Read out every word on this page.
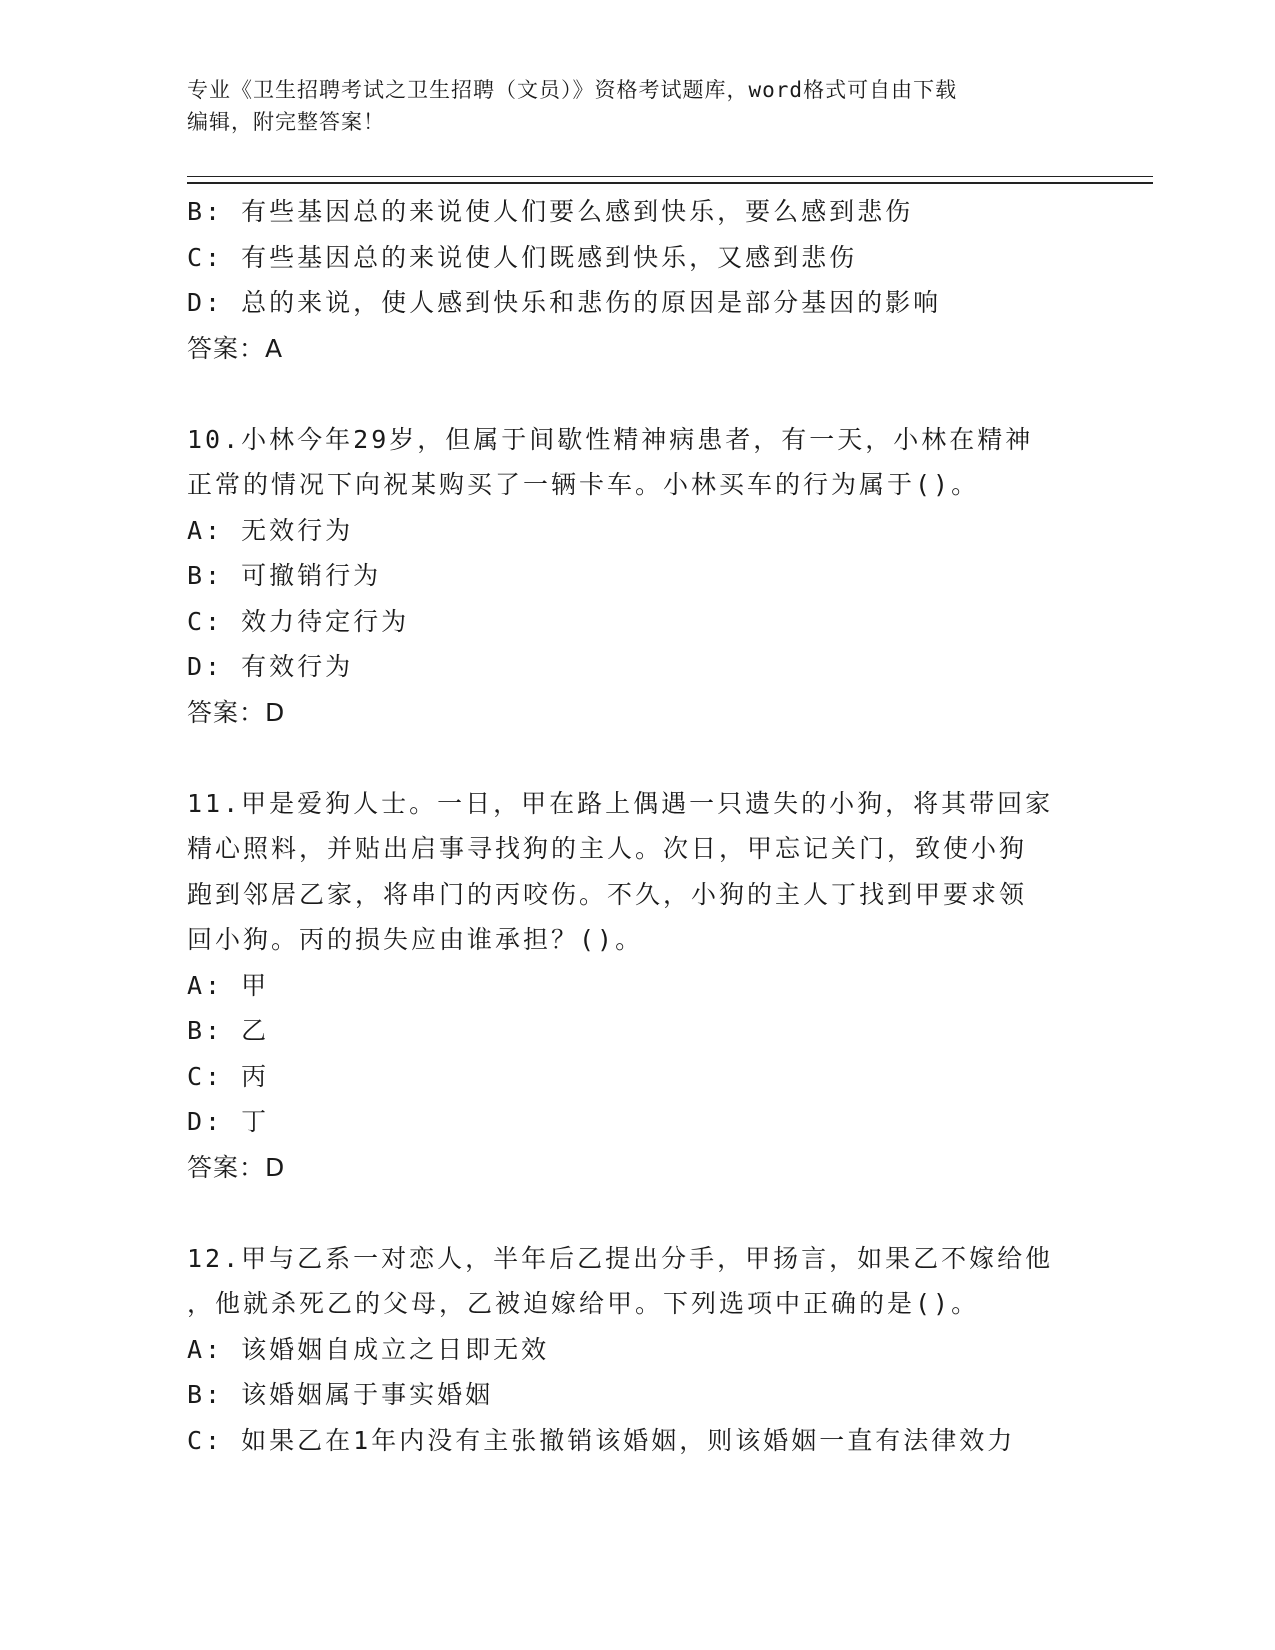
专业《卫生招聘考试之卫生招聘（文员）》资格考试题库，word格式可自由下载
编辑，附完整答案！
B: 有些基因总的来说使人们要么感到快乐，要么感到悲伤
C: 有些基因总的来说使人们既感到快乐，又感到悲伤
D: 总的来说，使人感到快乐和悲伤的原因是部分基因的影响
答案：A
10.小林今年29岁，但属于间歇性精神病患者，有一天，小林在精神
正常的情况下向祝某购买了一辆卡车。小林买车的行为属于()。
A: 无效行为
B: 可撤销行为
C: 效力待定行为
D: 有效行为
答案：D
11.甲是爱狗人士。一日，甲在路上偶遇一只遗失的小狗，将其带回家
精心照料，并贴出启事寻找狗的主人。次日，甲忘记关门，致使小狗
跑到邻居乙家，将串门的丙咬伤。不久，小狗的主人丁找到甲要求领
回小狗。丙的损失应由谁承担？()。
A: 甲
B: 乙
C: 丙
D: 丁
答案：D
12.甲与乙系一对恋人，半年后乙提出分手，甲扬言，如果乙不嫁给他
，他就杀死乙的父母，乙被迫嫁给甲。下列选项中正确的是()。
A: 该婚姻自成立之日即无效
B: 该婚姻属于事实婚姻
C: 如果乙在1年内没有主张撤销该婚姻，则该婚姻一直有法律效力
